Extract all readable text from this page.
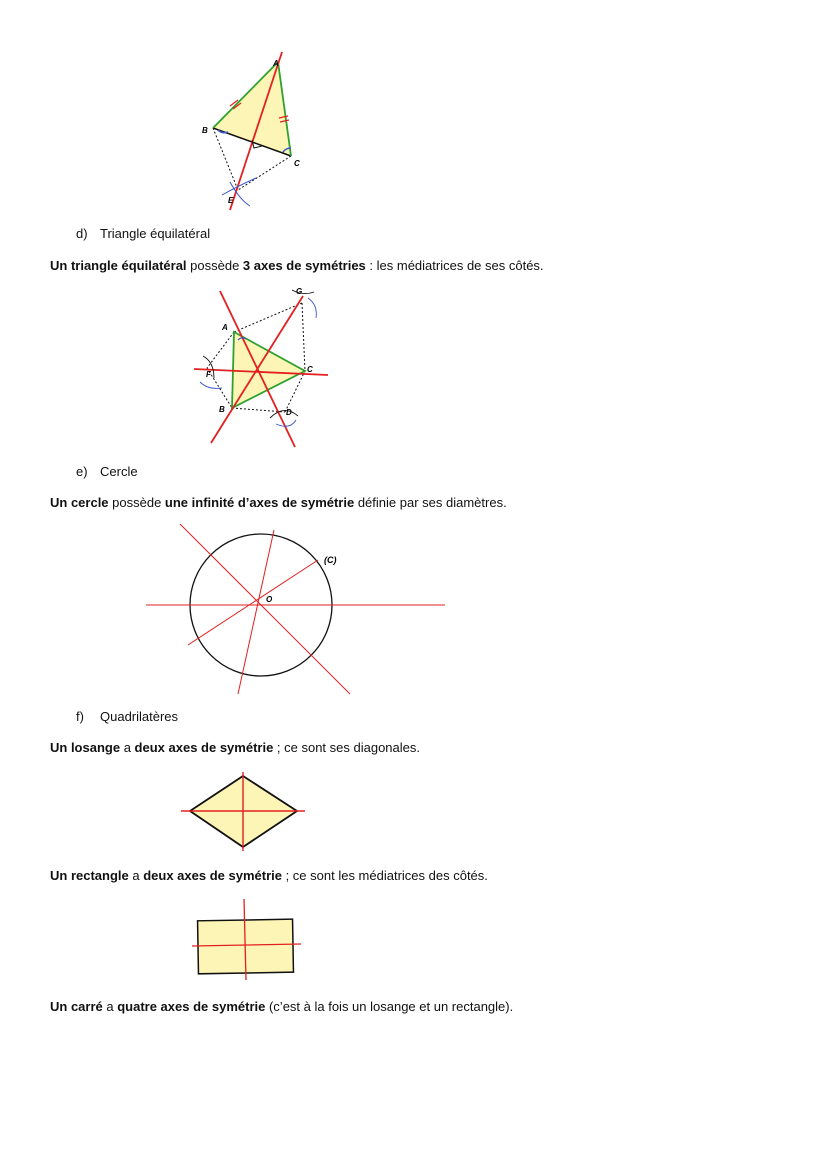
A
B
C
E
d) Triangle équilatéral
Un triangle équilatéral possède 3 axes de symétries : les médiatrices de ses côtés.
A
B
C
D
F
G
e) Cercle
Un cercle possède une infinité d’axes de symétrie définie par ses diamètres.
(C)
O
f) Quadrilatères
Un losange a deux axes de symétrie ; ce sont ses diagonales.
Un rectangle a deux axes de symétrie ; ce sont les médiatrices des côtés.
Un carré a quatre axes de symétrie (c’est à la fois un losange et un rectangle).
